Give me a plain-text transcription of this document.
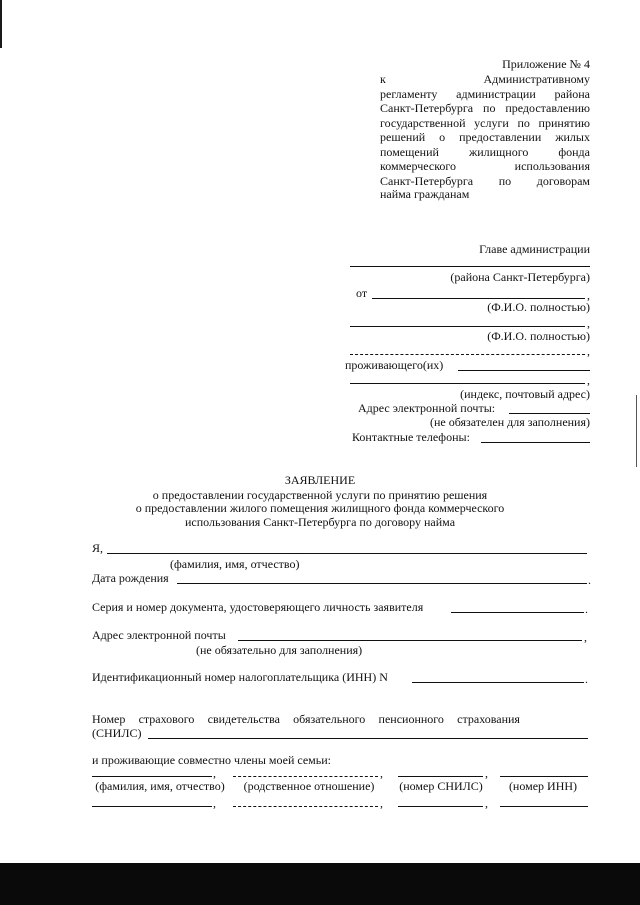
Приложение № 4
к	Административному
регламенту администрации района
Санкт-Петербурга по предоставлению
государственной услуги по принятию
решений о предоставлении жилых
помещений жилищного фонда
коммерческого	использования
Санкт-Петербурга по договорам
найма гражданам
Главе администрации
(района Санкт-Петербурга)
от	,
(Ф.И.О. полностью)
,
(Ф.И.О. полностью)
,
проживающего(их)
,
(индекс, почтовый адрес)
Адрес электронной почты:
(не обязателен для заполнения)
Контактные телефоны:
ЗАЯВЛЕНИЕ
о предоставлении государственной услуги по принятию решения
о предоставлении жилого помещения жилищного фонда коммерческого
использования Санкт-Петербурга по договору найма
Я,
(фамилия, имя, отчество)
Дата рождения	.
Серия и номер документа, удостоверяющего личность заявителя	.
Адрес электронной почты	,
(не обязательно для заполнения)
Идентификационный номер налогоплательщика (ИНН) N	.
Номер страхового свидетельства обязательного пенсионного страхования
(СНИЛС)
и проживающие совместно члены моей семьи:
,	,	,
(фамилия, имя, отчество)	(родственное отношение)	(номер СНИЛС)	(номер ИНН)
,	,	,
